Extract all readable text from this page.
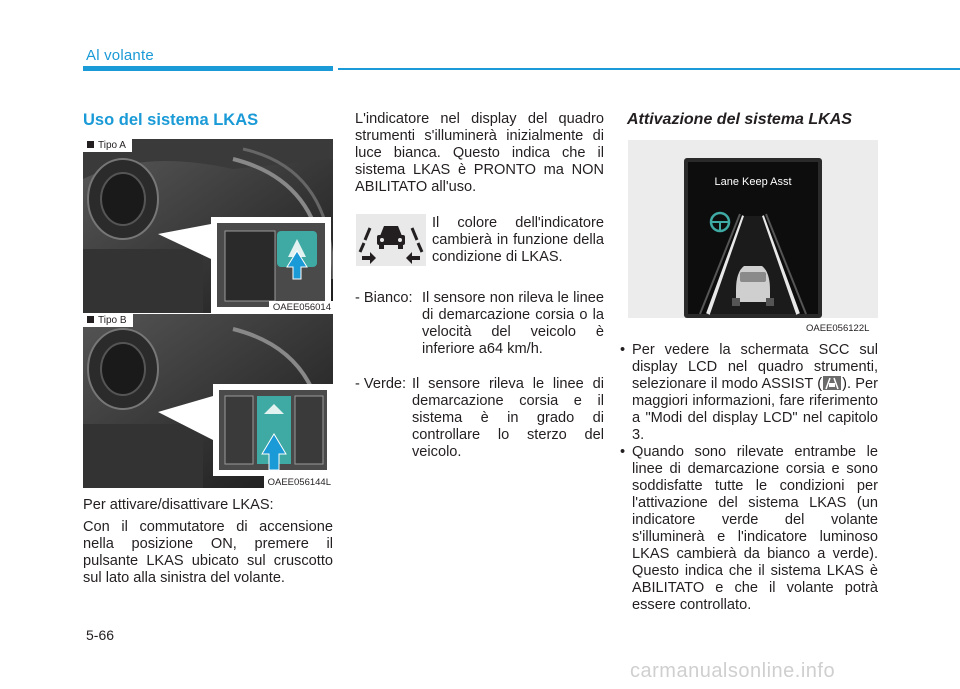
Al volante
Uso del sistema LKAS
Tipo A
OAEE056014
Tipo B
OAEE056144L

Per attivare/disattivare LKAS:

Con il commutatore di accensione nella posizione ON, premere il pulsante LKAS ubicato sul cruscotto sul lato alla sinistra del volante.

L'indicatore nel display del quadro strumenti s'illuminerà inizialmente di luce bianca. Questo indica che il sistema LKAS è PRONTO ma NON ABILITATO all'uso.

Il colore dell'indicatore cambierà in funzione della condizione di LKAS.

- Bianco: Il sensore non rileva le linee di demarcazione corsia o la velocità del veicolo è inferiore a64 km/h.
- Verde: Il sensore rileva le linee di demarcazione corsia e il sistema è in grado di controllare lo sterzo del veicolo.
Attivazione del sistema LKAS
Lane Keep Asst
OAEE056122L
• Per vedere la schermata SCC sul display LCD nel quadro strumenti, selezionare il modo ASSIST ( ). Per maggiori informazioni, fare riferimento a "Modi del display LCD" nel capitolo 3.
• Quando sono rilevate entrambe le linee di demarcazione corsia e sono soddisfatte tutte le condizioni per l'attivazione del sistema LKAS (un indicatore verde del volante s'illuminerà e l'indicatore luminoso LKAS cambierà da bianco a verde). Questo indica che il sistema LKAS è ABILITATO e che il volante potrà essere controllato.
5-66
carmanualsonline.info
